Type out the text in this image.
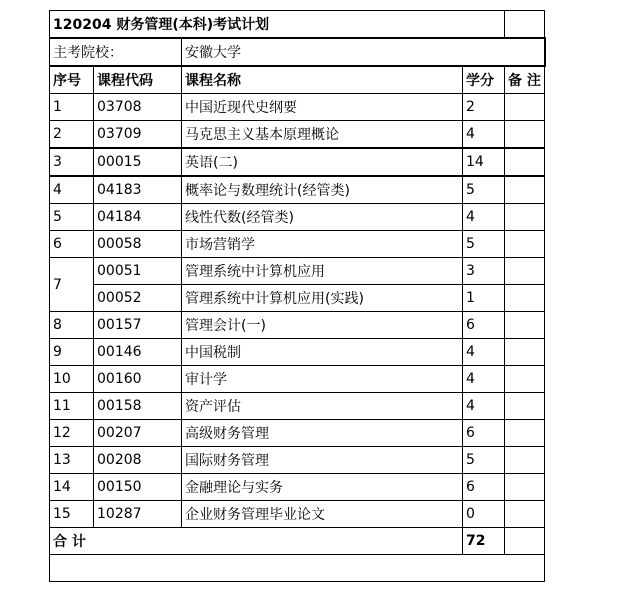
120204 财务管理(本科)考试计划				
主考院校：		安徽大学		
序号	课程代码	课程名称	学分	备 注
1	03708	中国近现代史纲要	2	
2	03709	马克思主义基本原理概论	4	
3	00015	英语(二)	14	
4	04183	概率论与数理统计(经管类)	5	
5	04184	线性代数(经管类)	4	
6	00058	市场营销学	5	
7	00051	管理系统中计算机应用	3	
	00052	管理系统中计算机应用(实践)	1	
8	00157	管理会计(一)	6	
9	00146	中国税制	4	
10	00160	审计学	4	
11	00158	资产评估	4	
12	00207	高级财务管理	6	
13	00208	国际财务管理	5	
14	00150	金融理论与实务	6	
15	10287	企业财务管理毕业论文	0	
合 计			72	
